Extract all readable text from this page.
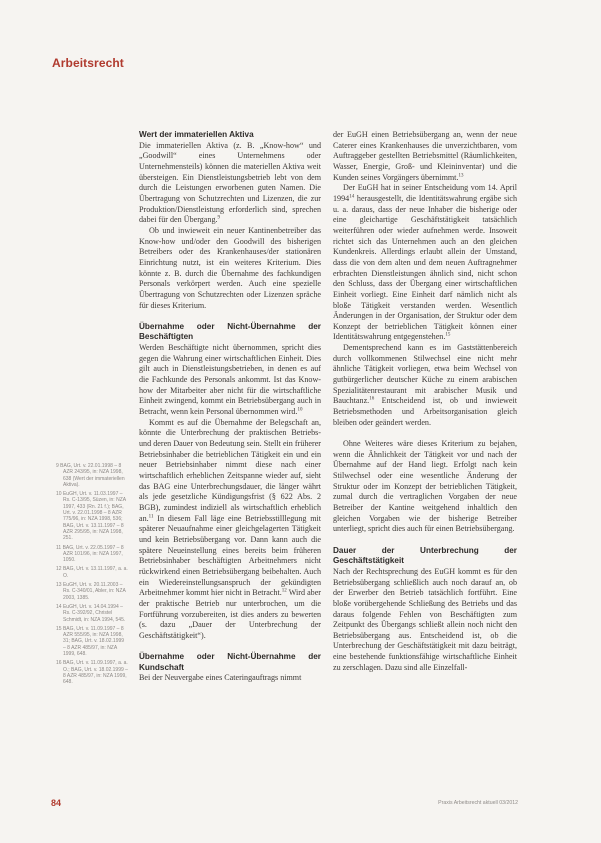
Arbeitsrecht
Wert der immateriellen Aktiva

Die immateriellen Aktiva (z. B. „Know-how“ und „Goodwill“ eines Unternehmens oder Unternehmensteils) können die materiellen Aktiva weit übersteigen. Ein Dienstleistungsbetrieb lebt von dem durch die Leistungen erworbenen guten Namen. Die Übertragung von Schutzrechten und Lizenzen, die zur Produktion/Dienstleistung erforderlich sind, sprechen dabei für den Übergang.$^9$

Ob und inwieweit ein neuer Kantinenbetreiber das Know-how und/oder den Goodwill des bisherigen Betreibers oder des Krankenhauses/der stationären Einrichtung nutzt, ist ein weiteres Kriterium. Dies könnte z. B. durch die Übernahme des fachkundigen Personals verkörpert werden. Auch eine spezielle Übertragung von Schutzrechten oder Lizenzen spräche für dieses Kriterium.

Übernahme oder Nicht-Übernahme der Beschäftigten

Werden Beschäftigte nicht übernommen, spricht dies gegen die Wahrung einer wirtschaftlichen Einheit. Dies gilt auch in Dienstleistungsbetrieben, in denen es auf die Fachkunde des Personals ankommt. Ist das Know-how der Mitarbeiter aber nicht für die wirtschaftliche Einheit zwingend, kommt ein Betriebsübergang auch in Betracht, wenn kein Personal übernommen wird.$^{10}$

Kommt es auf die Übernahme der Belegschaft an, könnte die Unterbrechung der praktischen Betriebs- und deren Dauer von Bedeutung sein. Stellt ein früherer Betriebsinhaber die betrieblichen Tätigkeit ein und ein neuer Betriebsinhaber nimmt diese nach einer wirtschaftlich erheblichen Zeitspanne wieder auf, sieht das BAG eine Unterbrechungsdauer, die länger währt als jede gesetzliche Kündigungsfrist (§ 622 Abs. 2 BGB), zumindest indiziell als wirtschaftlich erheblich an.$^{11}$ In diesem Fall läge eine Betriebsstilllegung mit späterer Neuaufnahme einer gleichgelagerten Tätigkeit und kein Betriebsübergang vor. Dann kann auch die spätere Neueinstellung eines bereits beim früheren Betriebsinhaber beschäftigten Arbeitnehmers nicht rückwirkend einen Betriebsübergang beibehalten. Auch ein Wiedereinstellungsanspruch der gekündigten Arbeitnehmer kommt hier nicht in Betracht.$^{12}$ Wird aber der praktische Betrieb nur unterbrochen, um die Fortführung vorzubereiten, ist dies anders zu bewerten (s. dazu „Dauer der Unterbrechung der Geschäftstätigkeit“).

Übernahme oder Nicht-Übernahme der Kundschaft

Bei der Neuvergabe eines Cateringauftrags nimmt

der EuGH einen Betriebsübergang an, wenn der neue Caterer eines Krankenhauses die unverzichtbaren, vom Auftraggeber gestellten Betriebsmittel (Räumlichkeiten, Wasser, Energie, Groß- und Kleininventar) und die Kunden seines Vorgängers übernimmt.$^{13}$

Der EuGH hat in seiner Entscheidung vom 14. April 1994$^{14}$ herausgestellt, die Identitätswahrung ergäbe sich u. a. daraus, dass der neue Inhaber die bisherige oder eine gleichartige Geschäftstätigkeit tatsächlich weiterführen oder wieder aufnehmen werde. Insoweit richtet sich das Unternehmen auch an den gleichen Kundenkreis. Allerdings erlaubt allein der Umstand, dass die von dem alten und dem neuen Auftragnehmer erbrachten Dienstleistungen ähnlich sind, nicht schon den Schluss, dass der Übergang einer wirtschaftlichen Einheit vorliegt. Eine Einheit darf nämlich nicht als bloße Tätigkeit verstanden werden. Wesentlich Änderungen in der Organisation, der Struktur oder dem Konzept der betrieblichen Tätigkeit können einer Identitätswahrung entgegenstehen.$^{15}$

Dementsprechend kann es im Gaststättenbereich durch vollkommenen Stilwechsel eine nicht mehr ähnliche Tätigkeit vorliegen, etwa beim Wechsel von gutbürgerlicher deutscher Küche zu einem arabischen Spezialitätenrestaurant mit arabischer Musik und Bauchtanz.$^{16}$ Entscheidend ist, ob und inwieweit Betriebsmethoden und Arbeitsorganisation gleich bleiben oder geändert werden.

Ohne Weiteres wäre dieses Kriterium zu bejahen, wenn die Ähnlichkeit der Tätigkeit vor und nach der Übernahme auf der Hand liegt. Erfolgt nach kein Stilwechsel oder eine wesentliche Änderung der Struktur oder im Konzept der betrieblichen Tätigkeit, zumal durch die vertraglichen Vorgaben der neue Betreiber der Kantine weitgehend inhaltlich den gleichen Vorgaben wie der bisherige Betreiber unterliegt, spricht dies auch für einen Betriebsübergang.

Dauer der Unterbrechung der Geschäftstätigkeit

Nach der Rechtsprechung des EuGH kommt es für den Betriebsübergang schließlich auch noch darauf an, ob der Erwerber den Betrieb tatsächlich fortführt. Eine bloße vorübergehende Schließung des Betriebs und das daraus folgende Fehlen von Beschäftigten zum Zeitpunkt des Übergangs schließt allein noch nicht den Betriebsübergang aus. Entscheidend ist, ob die Unterbrechung der Geschäftstätigkeit mit dazu beiträgt, eine bestehende funktionsfähige wirtschaftliche Einheit zu zerschlagen. Dazu sind alle Einzelfall-

9 BAG, Urt. v. 22.01.1998 – 8 AZR 243/95, in: NZA 1998, 638 (Wert der immateriellen Aktiva).
10 EuGH, Urt. v. 11.03.1997 – Rs. C-13/95, Süzen, in: NZA 1997, 433 (Rn. 21 f.); BAG, Urt. v. 22.01.1998 – 8 AZR 775/96, in: NZA 1998, 536; BAG, Urt. v. 13.11.1997 – 8 AZR 295/95, in: NZA 1998, 251.
11 BAG, Urt. v. 22.05.1997 – 8 AZR 101/96, in: NZA 1997, 1050.
12 BAG, Urt. v. 13.11.1997, a. a. O.
13 EuGH, Urt. v. 20.11.2003 – Rs. C-340/01, Abler, in: NZA 2003, 1385.
14 EuGH, Urt. v. 14.04.1994 – Rs. C-392/92, Christel Schmidt, in: NZA 1994, 545.
15 BAG, Urt. v. 11.09.1997 – 8 AZR 555/95, in: NZA 1998, 31; BAG, Urt. v. 18.02.1999 – 8 AZR 485/97, in: NZA 1999, 648.
16 BAG, Urt. v. 11.09.1997, a. a. O.; BAG, Urt. v. 18.02.1999 – 8 AZR 485/97, in: NZA 1999, 648.
84	Praxis Arbeitsrecht aktuell 03/2012
